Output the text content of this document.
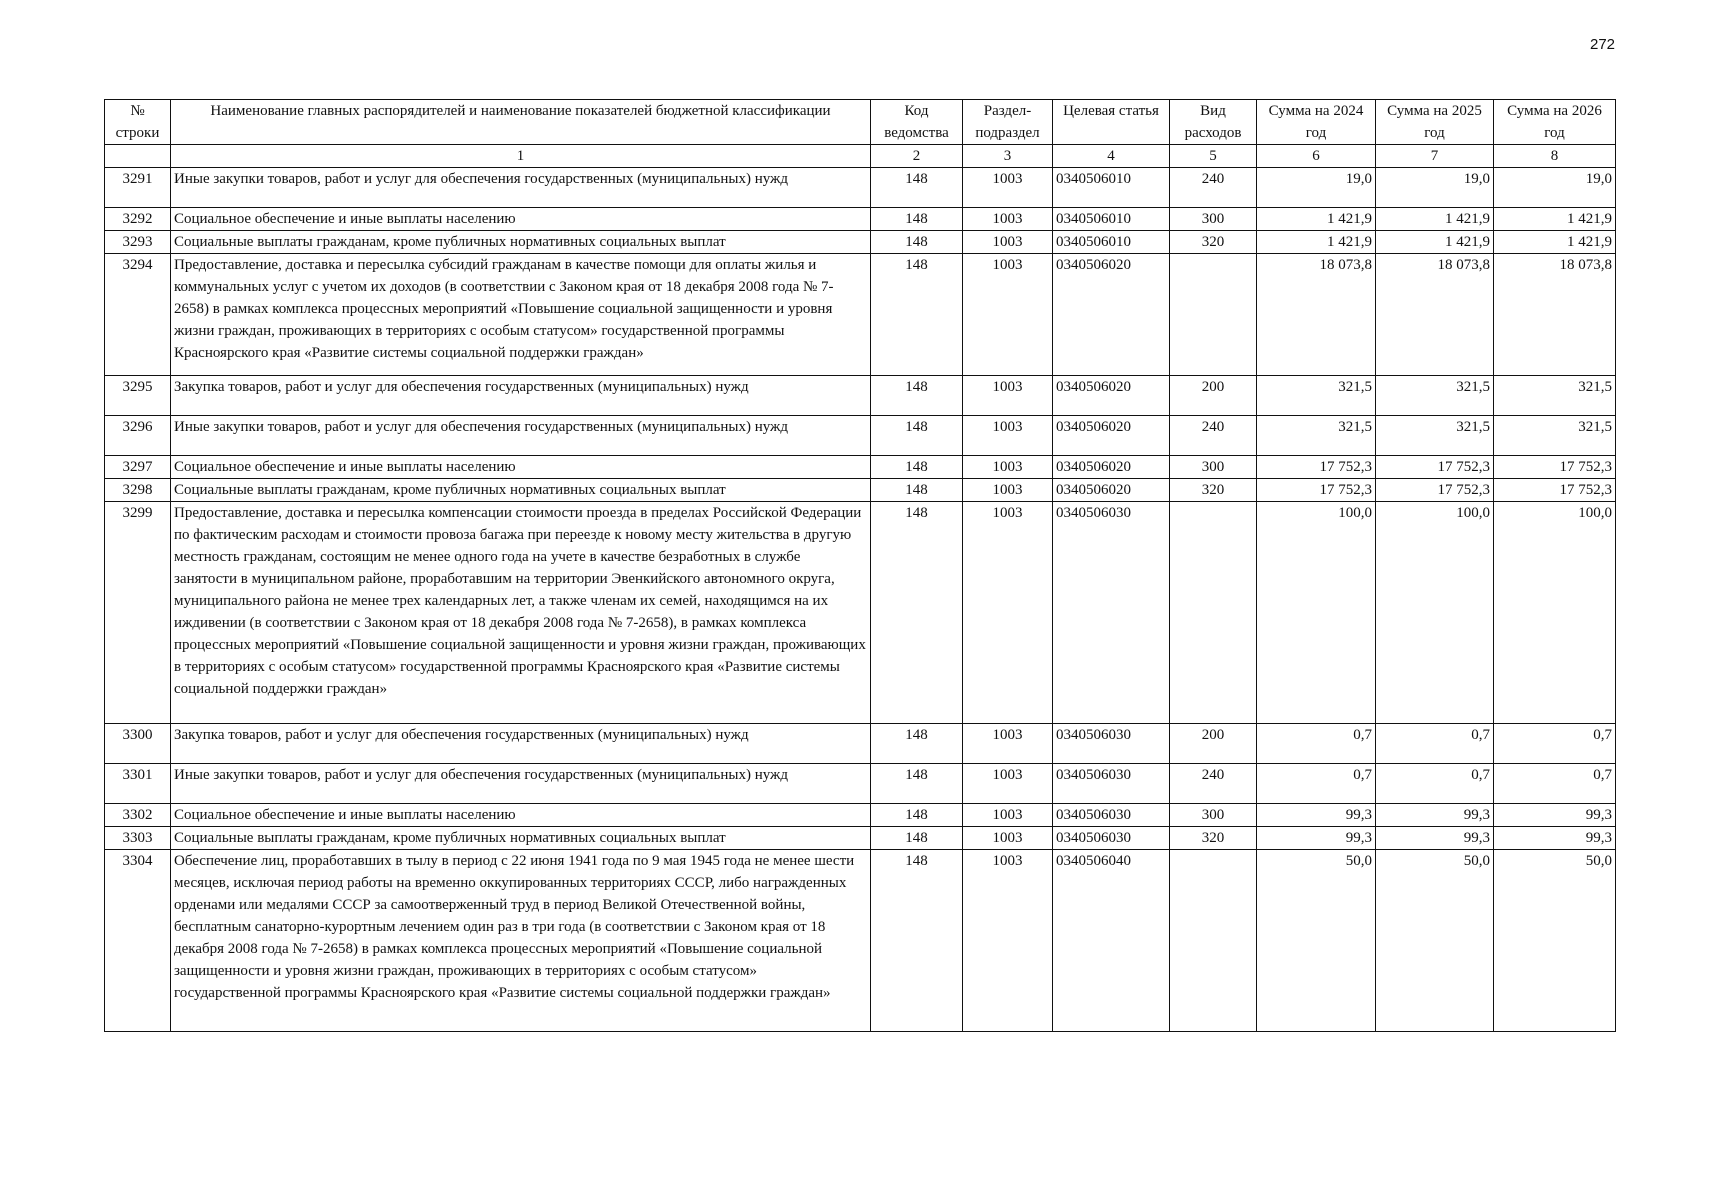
272
№ строки	Наименование главных распорядителей и наименование показателей бюджетной классификации	Код ведомства	Раздел-подраздел	Целевая статья	Вид расходов	Сумма на 2024 год	Сумма на 2025 год	Сумма на 2026 год
	1	2	3	4	5	6	7	8
3291	Иные закупки товаров, работ и услуг для обеспечения государственных (муниципальных) нужд	148	1003	0340506010	240	19,0	19,0	19,0
3292	Социальное обеспечение и иные выплаты населению	148	1003	0340506010	300	1 421,9	1 421,9	1 421,9
3293	Социальные выплаты гражданам, кроме публичных нормативных социальных выплат	148	1003	0340506010	320	1 421,9	1 421,9	1 421,9
3294	Предоставление, доставка и пересылка субсидий гражданам в качестве помощи для оплаты жилья и коммунальных услуг с учетом их доходов (в соответствии с Законом края от 18 декабря 2008 года № 7-2658) в рамках комплекса процессных мероприятий «Повышение социальной защищенности и уровня жизни граждан, проживающих в территориях с особым статусом» государственной программы Красноярского края «Развитие системы социальной поддержки граждан»	148	1003	0340506020		18 073,8	18 073,8	18 073,8
3295	Закупка товаров, работ и услуг для обеспечения государственных (муниципальных) нужд	148	1003	0340506020	200	321,5	321,5	321,5
3296	Иные закупки товаров, работ и услуг для обеспечения государственных (муниципальных) нужд	148	1003	0340506020	240	321,5	321,5	321,5
3297	Социальное обеспечение и иные выплаты населению	148	1003	0340506020	300	17 752,3	17 752,3	17 752,3
3298	Социальные выплаты гражданам, кроме публичных нормативных социальных выплат	148	1003	0340506020	320	17 752,3	17 752,3	17 752,3
3299	Предоставление, доставка и пересылка компенсации стоимости проезда в пределах Российской Федерации по фактическим расходам и стоимости провоза багажа при переезде к новому месту жительства в другую местность гражданам, состоящим не менее одного года на учете в качестве безработных в службе занятости в муниципальном районе, проработавшим на территории Эвенкийского автономного округа, муниципального района не менее трех календарных лет, а также членам их семей, находящимся на их иждивении (в соответствии с Законом края от 18 декабря 2008 года № 7-2658), в рамках комплекса процессных мероприятий «Повышение социальной защищенности и уровня жизни граждан, проживающих в территориях с особым статусом» государственной программы Красноярского края «Развитие системы социальной поддержки граждан»	148	1003	0340506030		100,0	100,0	100,0
3300	Закупка товаров, работ и услуг для обеспечения государственных (муниципальных) нужд	148	1003	0340506030	200	0,7	0,7	0,7
3301	Иные закупки товаров, работ и услуг для обеспечения государственных (муниципальных) нужд	148	1003	0340506030	240	0,7	0,7	0,7
3302	Социальное обеспечение и иные выплаты населению	148	1003	0340506030	300	99,3	99,3	99,3
3303	Социальные выплаты гражданам, кроме публичных нормативных социальных выплат	148	1003	0340506030	320	99,3	99,3	99,3
3304	Обеспечение лиц, проработавших в тылу в период с 22 июня 1941 года по 9 мая 1945 года не менее шести месяцев, исключая период работы на временно оккупированных территориях СССР, либо награжденных орденами или медалями СССР за самоотверженный труд в период Великой Отечественной войны, бесплатным санаторно-курортным лечением один раз в три года (в соответствии с Законом края от 18 декабря 2008 года № 7-2658) в рамках комплекса процессных мероприятий «Повышение социальной защищенности и уровня жизни граждан, проживающих в территориях с особым статусом» государственной программы Красноярского края «Развитие системы социальной поддержки граждан»	148	1003	0340506040		50,0	50,0	50,0
